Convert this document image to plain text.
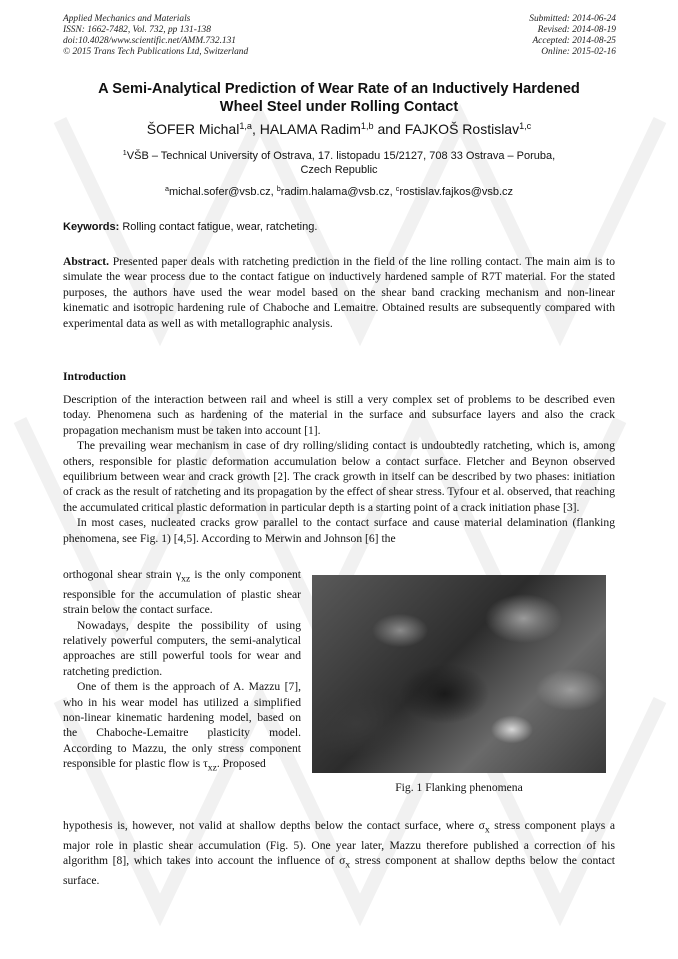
Applied Mechanics and Materials
ISSN: 1662-7482, Vol. 732, pp 131-138
doi:10.4028/www.scientific.net/AMM.732.131
© 2015 Trans Tech Publications Ltd, Switzerland
Submitted: 2014-06-24
Revised: 2014-08-19
Accepted: 2014-08-25
Online: 2015-02-16
A Semi-Analytical Prediction of Wear Rate of an Inductively Hardened
Wheel Steel under Rolling Contact
ŠOFER Michal$^{1,a}$, HALAMA Radim$^{1,b}$ and FAJKOŠ Rostislav$^{1,c}$
$^1$VŠB – Technical University of Ostrava, 17. listopadu 15/2127, 708 33 Ostrava – Poruba,
Czech Republic
$^a$michal.sofer@vsb.cz, $^b$radim.halama@vsb.cz, $^c$rostislav.fajkos@vsb.cz
Keywords: Rolling contact fatigue, wear, ratcheting.
Abstract. Presented paper deals with ratcheting prediction in the field of the line rolling contact. The main aim is to simulate the wear process due to the contact fatigue on inductively hardened sample of R7T material. For the stated purposes, the authors have used the wear model based on the shear band cracking mechanism and non-linear kinematic and isotropic hardening rule of Chaboche and Lemaitre. Obtained results are subsequently compared with experimental data as well as with metallographic analysis.
Introduction

Description of the interaction between rail and wheel is still a very complex set of problems to be described even today. Phenomena such as hardening of the material in the surface and subsurface layers and also the crack propagation mechanism must be taken into account [1].

The prevailing wear mechanism in case of dry rolling/sliding contact is undoubtedly ratcheting, which is, among others, responsible for plastic deformation accumulation below a contact surface. Fletcher and Beynon observed equilibrium between wear and crack growth [2]. The crack growth in itself can be described by two phases: initiation of crack as the result of ratcheting and its propagation by the effect of shear stress. Tyfour et al. observed, that reaching the accumulated critical plastic deformation in particular depth is a starting point of a crack initiation phase [3].

In most cases, nucleated cracks grow parallel to the contact surface and cause material delamination (flanking phenomena, see Fig. 1) [4,5]. According to Merwin and Johnson [6] the

orthogonal shear strain $\gamma_{xz}$ is the only component responsible for the accumulation of plastic shear strain below the contact surface.

Nowadays, despite the possibility of using relatively powerful computers, the semi-analytical approaches are still powerful tools for wear and ratcheting prediction.

One of them is the approach of A. Mazzu [7], who in his wear model has utilized a simplified non-linear kinematic hardening model, based on the Chaboche-Lemaitre plasticity model. According to Mazzu, the only stress component responsible for plastic flow is $\tau_{xz}$. Proposed

Fig. 1 Flanking phenomena

hypothesis is, however, not valid at shallow depths below the contact surface, where $\sigma_x$ stress component plays a major role in plastic shear accumulation (Fig. 5). One year later, Mazzu therefore published a correction of his algorithm [8], which takes into account the influence of $\sigma_x$ stress component at shallow depths below the contact surface.
